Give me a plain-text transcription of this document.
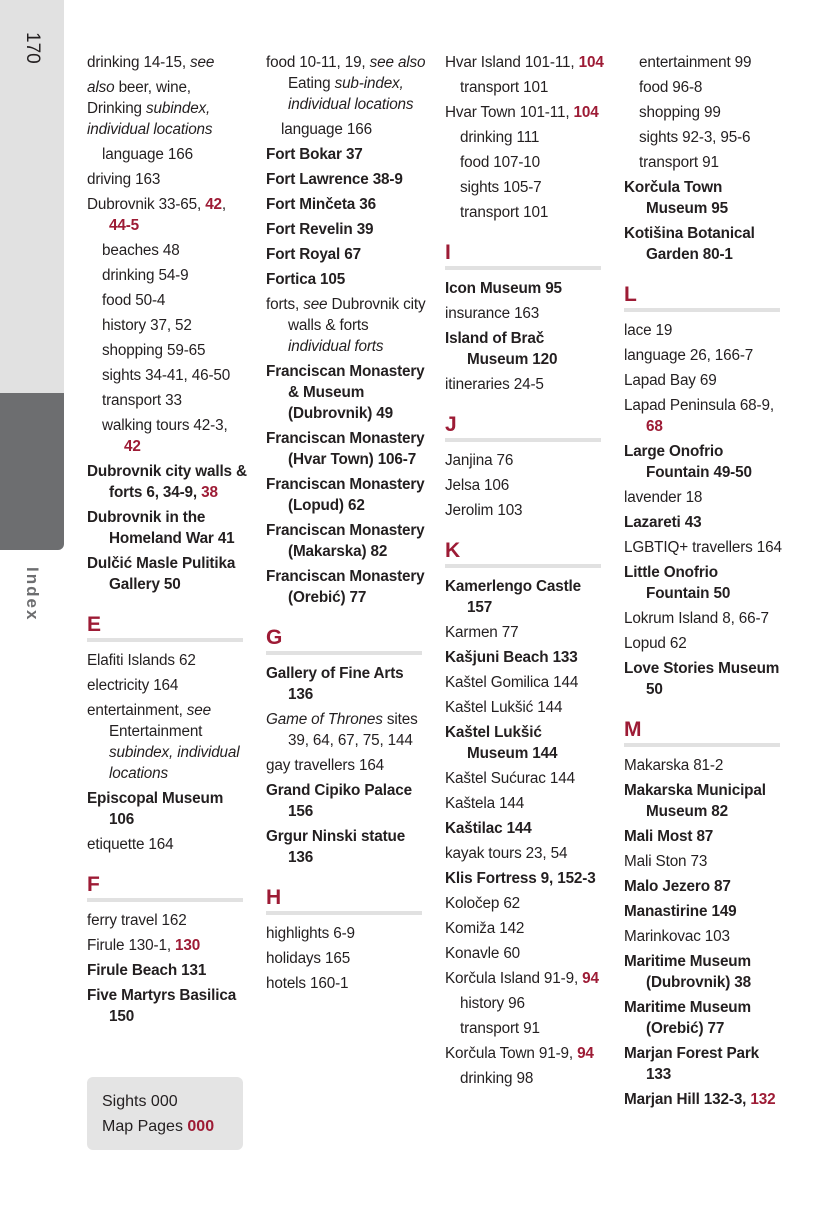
170
Index
drinking 14-15, see
also beer, wine,
Drinking subindex,
individual locations
language 166
driving 163
Dubrovnik 33-65, 42, 44-5
beaches 48
drinking 54-9
food 50-4
history 37, 52
shopping 59-65
sights 34-41, 46-50
transport 33
walking tours 42-3, 42
Dubrovnik city walls & forts 6, 34-9, 38
Dubrovnik in the Homeland War 41
Dulčić Masle Pulitika Gallery 50
E
Elafiti Islands 62
electricity 164
entertainment, see Entertainment subindex, individual locations
Episcopal Museum 106
etiquette 164
F
ferry travel 162
Firule 130-1, 130
Firule Beach 131
Five Martyrs Basilica 150
food 10-11, 19, see also Eating sub-index, individual locations
language 166
Fort Bokar 37
Fort Lawrence 38-9
Fort Minčeta 36
Fort Revelin 39
Fort Royal 67
Fortica 105
forts, see Dubrovnik city walls & forts individual forts
Franciscan Monastery & Museum (Dubrovnik) 49
Franciscan Monastery (Hvar Town) 106-7
Franciscan Monastery (Lopud) 62
Franciscan Monastery (Makarska) 82
Franciscan Monastery (Orebić) 77
G
Gallery of Fine Arts 136
Game of Thrones sites 39, 64, 67, 75, 144
gay travellers 164
Grand Cipiko Palace 156
Grgur Ninski statue 136
H
highlights 6-9
holidays 165
hotels 160-1
Hvar Island 101-11, 104
transport 101
Hvar Town 101-11, 104
drinking 111
food 107-10
sights 105-7
transport 101
I
Icon Museum 95
insurance 163
Island of Brač Museum 120
itineraries 24-5
J
Janjina 76
Jelsa 106
Jerolim 103
K
Kamerlengo Castle 157
Karmen 77
Kašjuni Beach 133
Kaštel Gomilica 144
Kaštel Lukšić 144
Kaštel Lukšić Museum 144
Kaštel Sućurac 144
Kaštela 144
Kaštilac 144
kayak tours 23, 54
Klis Fortress 9, 152-3
Koločep 62
Komiža 142
Konavle 60
Korčula Island 91-9, 94
history 96
transport 91
Korčula Town 91-9, 94
drinking 98
entertainment 99
food 96-8
shopping 99
sights 92-3, 95-6
transport 91
Korčula Town Museum 95
Kotišina Botanical Garden 80-1
L
lace 19
language 26, 166-7
Lapad Bay 69
Lapad Peninsula 68-9, 68
Large Onofrio Fountain 49-50
lavender 18
Lazareti 43
LGBTIQ+ travellers 164
Little Onofrio Fountain 50
Lokrum Island 8, 66-7
Lopud 62
Love Stories Museum 50
M
Makarska 81-2
Makarska Municipal Museum 82
Mali Most 87
Mali Ston 73
Malo Jezero 87
Manastirine 149
Marinkovac 103
Maritime Museum (Dubrovnik) 38
Maritime Museum (Orebić) 77
Marjan Forest Park 133
Marjan Hill 132-3, 132
Sights 000
Map Pages 000
